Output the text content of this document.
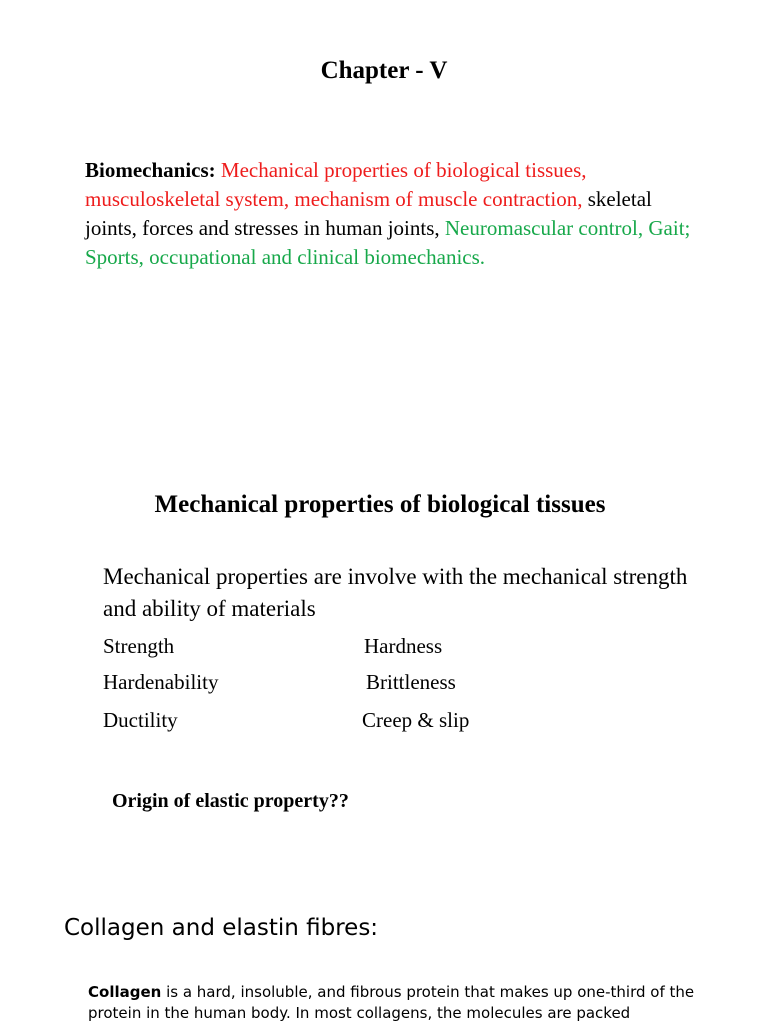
Chapter - V
Biomechanics: Mechanical properties of biological tissues, musculoskeletal system, mechanism of muscle contraction, skeletal joints, forces and stresses in human joints, Neuromascular control, Gait; Sports, occupational and clinical biomechanics.
Mechanical properties of biological tissues
Mechanical properties are involve with the mechanical strength and ability of materials
Strength	Hardness
Hardenability	Brittleness
Ductility	Creep & slip
Origin of elastic property??
Collagen and elastin fibres:
Collagen is a hard, insoluble, and fibrous protein that makes up one-third of the protein in the human body. In most collagens, the molecules are packed
